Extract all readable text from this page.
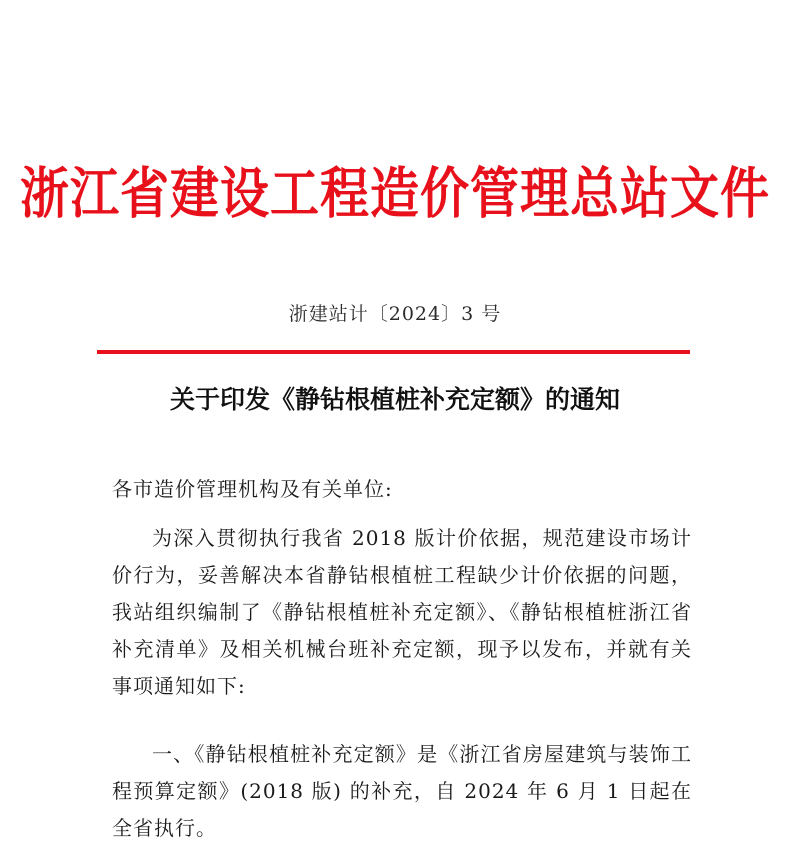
浙江省建设工程造价管理总站文件
浙建站计〔2024〕3 号
关于印发《静钻根植桩补充定额》的通知
各市造价管理机构及有关单位:

为深入贯彻执行我省 2018 版计价依据，规范建设市场计价行为，妥善解决本省静钻根植桩工程缺少计价依据的问题，我站组织编制了《静钻根植桩补充定额》、《静钻根植桩浙江省补充清单》及相关机械台班补充定额，现予以发布，并就有关事项通知如下:

一、《静钻根植桩补充定额》是《浙江省房屋建筑与装饰工程预算定额》(2018 版) 的补充，自 2024 年 6 月 1 日起在全省执行。
